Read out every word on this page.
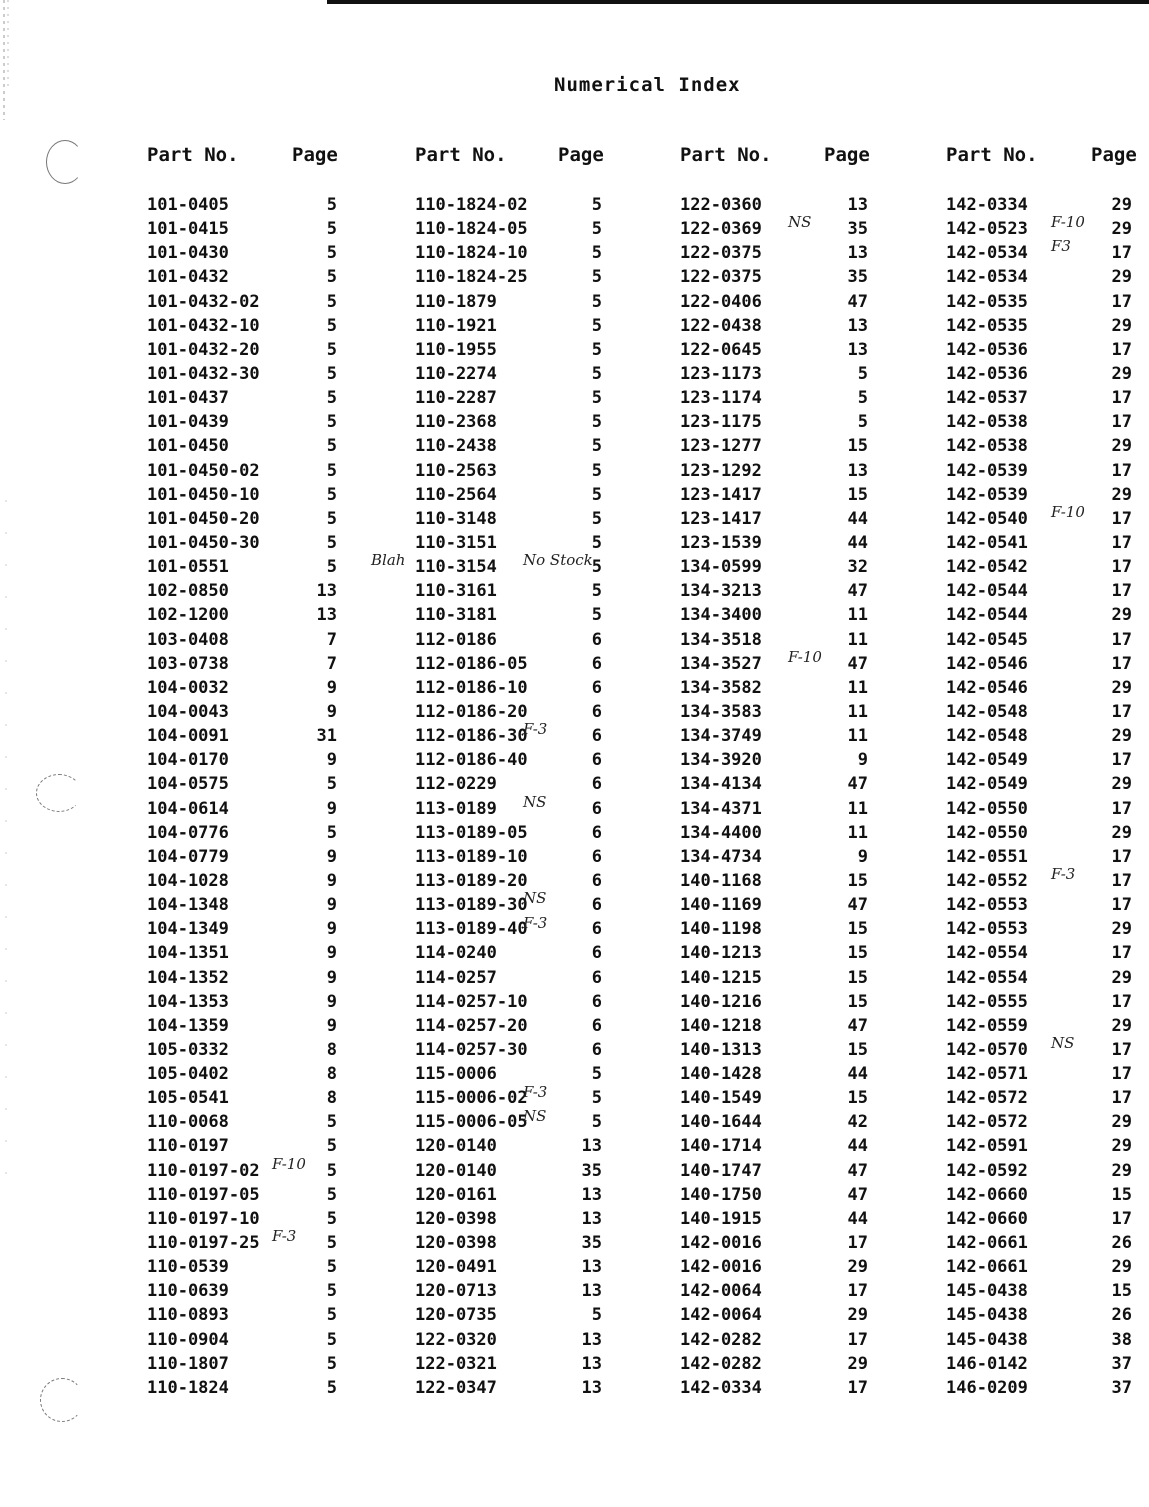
Numerical Index
Part No.	Page
101-0405	5
101-0415	5
101-0430	5
101-0432	5
101-0432-02	5
101-0432-10	5
101-0432-20	5
101-0432-30	5
101-0437	5
101-0439	5
101-0450	5
101-0450-02	5
101-0450-10	5
101-0450-20	5
101-0450-30	5
101-0551	5
102-0850	13
102-1200	13
103-0408	7
103-0738	7
104-0032	9
104-0043	9
104-0091	31
104-0170	9
104-0575	5
104-0614	9
104-0776	5
104-0779	9
104-1028	9
104-1348	9
104-1349	9
104-1351	9
104-1352	9
104-1353	9
104-1359	9
105-0332	8
105-0402	8
105-0541	8
110-0068	5
110-0197	5
110-0197-02	5
110-0197-05	5
110-0197-10	5
110-0197-25	5
110-0539	5
110-0639	5
110-0893	5
110-0904	5
110-1807	5
110-1824	5
F-10
F-3
Part No.	Page
110-1824-02	5
110-1824-05	5
110-1824-10	5
110-1824-25	5
110-1879	5
110-1921	5
110-1955	5
110-2274	5
110-2287	5
110-2368	5
110-2438	5
110-2563	5
110-2564	5
110-3148	5
110-3151	5
110-3154	5
110-3161	5
110-3181	5
112-0186	6
112-0186-05	6
112-0186-10	6
112-0186-20	6
112-0186-30	6
112-0186-40	6
112-0229	6
113-0189	6
113-0189-05	6
113-0189-10	6
113-0189-20	6
113-0189-30	6
113-0189-40	6
114-0240	6
114-0257	6
114-0257-10	6
114-0257-20	6
114-0257-30	6
115-0006	5
115-0006-02	5
115-0006-05	5
120-0140	13
120-0140	35
120-0161	13
120-0398	13
120-0398	35
120-0491	13
120-0713	13
120-0735	5
122-0320	13
122-0321	13
122-0347	13
No Stock
Blah
F-3
NS
NS
F-3
F-3
NS
Part No.	Page
122-0360	13
122-0369	35
122-0375	13
122-0375	35
122-0406	47
122-0438	13
122-0645	13
123-1173	5
123-1174	5
123-1175	5
123-1277	15
123-1292	13
123-1417	15
123-1417	44
123-1539	44
134-0599	32
134-3213	47
134-3400	11
134-3518	11
134-3527	47
134-3582	11
134-3583	11
134-3749	11
134-3920	9
134-4134	47
134-4371	11
134-4400	11
134-4734	9
140-1168	15
140-1169	47
140-1198	15
140-1213	15
140-1215	15
140-1216	15
140-1218	47
140-1313	15
140-1428	44
140-1549	15
140-1644	42
140-1714	44
140-1747	47
140-1750	47
140-1915	44
142-0016	17
142-0016	29
142-0064	17
142-0064	29
142-0282	17
142-0282	29
142-0334	17
NS
F-10
Part No.	Page
142-0334	29
142-0523	29
142-0534	17
142-0534	29
142-0535	17
142-0535	29
142-0536	17
142-0536	29
142-0537	17
142-0538	17
142-0538	29
142-0539	17
142-0539	29
142-0540	17
142-0541	17
142-0542	17
142-0544	17
142-0544	29
142-0545	17
142-0546	17
142-0546	29
142-0548	17
142-0548	29
142-0549	17
142-0549	29
142-0550	17
142-0550	29
142-0551	17
142-0552	17
142-0553	17
142-0553	29
142-0554	17
142-0554	29
142-0555	17
142-0559	29
142-0570	17
142-0571	17
142-0572	17
142-0572	29
142-0591	29
142-0592	29
142-0660	15
142-0660	17
142-0661	26
142-0661	29
145-0438	15
145-0438	26
145-0438	38
146-0142	37
146-0209	37
F-10
F3
F-10
F-3
NS
